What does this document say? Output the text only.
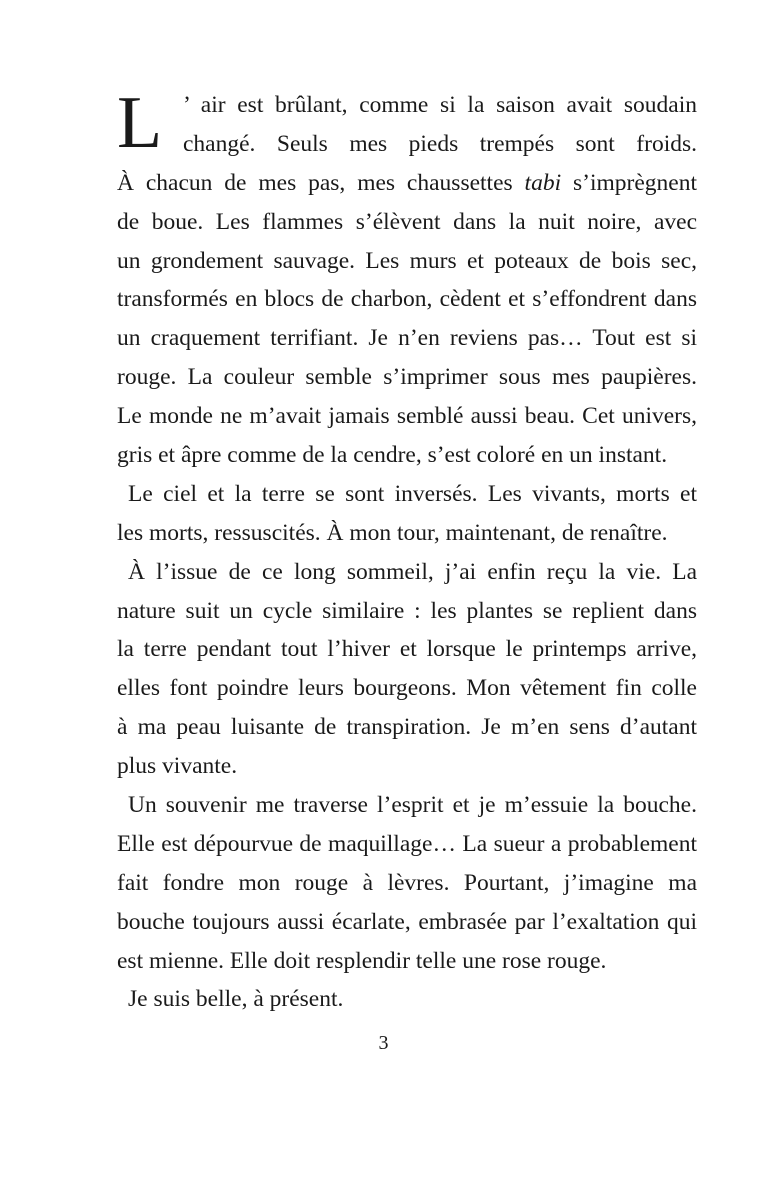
L ’ air est brûlant, comme si la saison avait soudain
changé. Seuls mes pieds trempés sont froids.
À chacun de mes pas, mes chaussettes tabi s’imprègnent
de boue. Les flammes s’élèvent dans la nuit noire, avec
un grondement sauvage. Les murs et poteaux de bois sec,
transformés en blocs de charbon, cèdent et s’effondrent dans
un craquement terrifiant. Je n’en reviens pas… Tout est si
rouge. La couleur semble s’imprimer sous mes paupières.
Le monde ne m’avait jamais semblé aussi beau. Cet univers,
gris et âpre comme de la cendre, s’est coloré en un instant.
Le ciel et la terre se sont inversés. Les vivants, morts et
les morts, ressuscités. À mon tour, maintenant, de renaître.
À l’issue de ce long sommeil, j’ai enfin reçu la vie. La
nature suit un cycle similaire : les plantes se replient dans
la terre pendant tout l’hiver et lorsque le printemps arrive,
elles font poindre leurs bourgeons. Mon vêtement fin colle
à ma peau luisante de transpiration. Je m’en sens d’autant
plus vivante.
Un souvenir me traverse l’esprit et je m’essuie la bouche.
Elle est dépourvue de maquillage… La sueur a probablement
fait fondre mon rouge à lèvres. Pourtant, j’imagine ma
bouche toujours aussi écarlate, embrasée par l’exaltation qui
est mienne. Elle doit resplendir telle une rose rouge.
Je suis belle, à présent.
3
